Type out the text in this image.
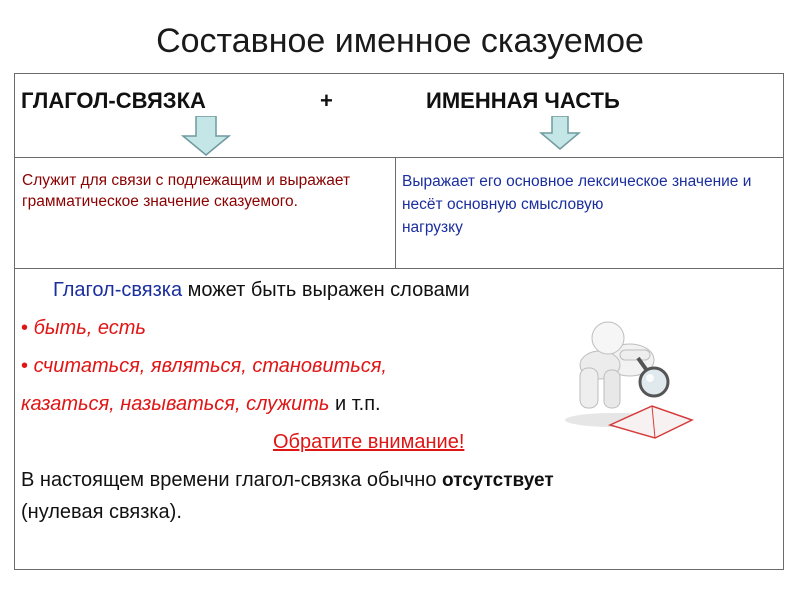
Составное именное сказуемое
ГЛАГОЛ-СВЯЗКА	+	ИМЕННАЯ ЧАСТЬ
Служит для связи с подлежащим и выражает грамматическое значение сказуемого.
Выражает его основное лексическое значение и несёт основную смысловую
нагрузку
Глагол-связка может быть выражен словами
• быть, есть
• считаться, являться, становиться,
казаться, называться, служить и т.п.
Обратите внимание!
В настоящем времени глагол-связка обычно отсутствует
(нулевая связка).
